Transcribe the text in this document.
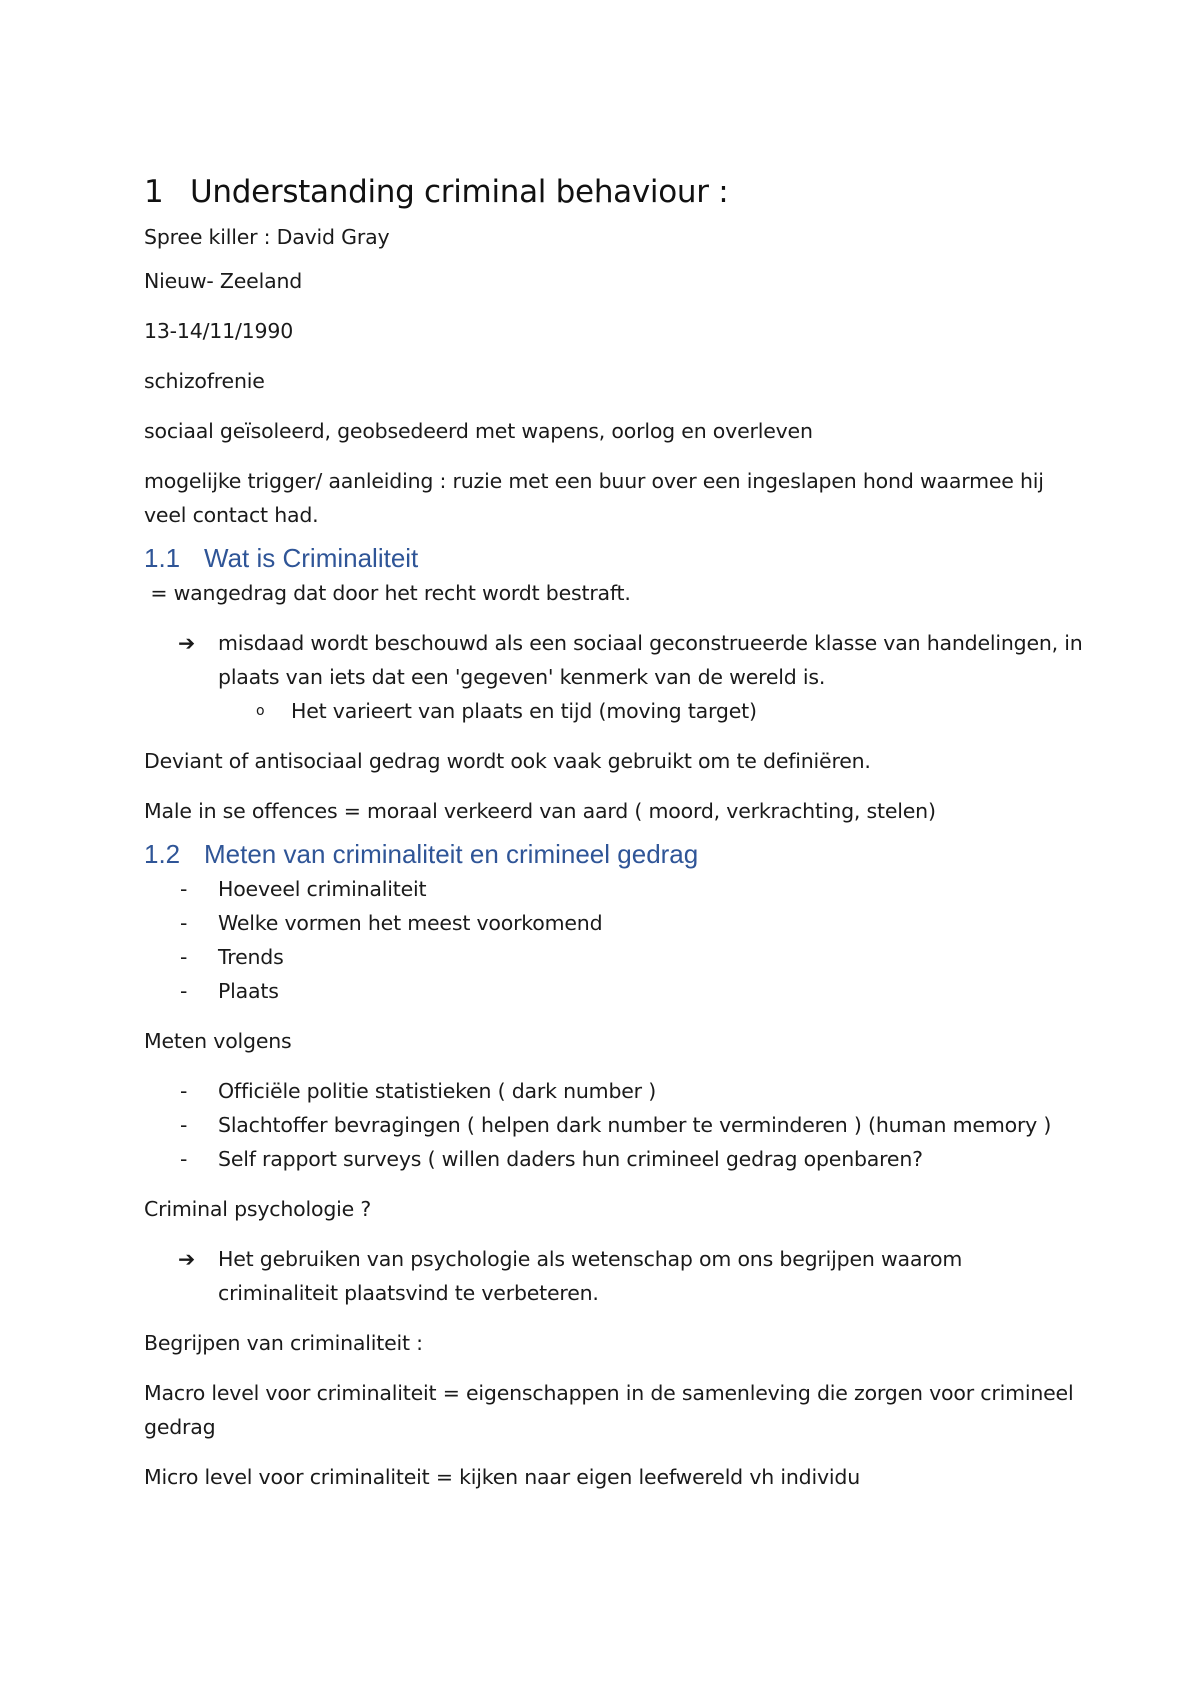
1 Understanding criminal behaviour :
Spree killer : David Gray
Nieuw- Zeeland
13-14/11/1990
schizofrenie
sociaal geïsoleerd, geobsedeerd met wapens, oorlog en overleven
mogelijke trigger/ aanleiding : ruzie met een buur over een ingeslapen hond waarmee hij veel contact had.
1.1 Wat is Criminaliteit
= wangedrag dat door het recht wordt bestraft.
➔	misdaad wordt beschouwd als een sociaal geconstrueerde klasse van handelingen, in plaats van iets dat een 'gegeven' kenmerk van de wereld is.
o	Het varieert van plaats en tijd (moving target)
Deviant of antisociaal gedrag wordt ook vaak gebruikt om te definiëren.
Male in se offences = moraal verkeerd van aard ( moord, verkrachting, stelen)
1.2 Meten van criminaliteit en crimineel gedrag
-	Hoeveel criminaliteit
-	Welke vormen het meest voorkomend
-	Trends
-	Plaats
Meten volgens
-	Officiële politie statistieken ( dark number )
-	Slachtoffer bevragingen ( helpen dark number te verminderen ) (human memory )
-	Self rapport surveys ( willen daders hun crimineel gedrag openbaren?
Criminal psychologie ?
➔	Het gebruiken van psychologie als wetenschap om ons begrijpen waarom criminaliteit plaatsvind te verbeteren.
Begrijpen van criminaliteit :
Macro level voor criminaliteit = eigenschappen in de samenleving die zorgen voor crimineel gedrag
Micro level voor criminaliteit = kijken naar eigen leefwereld vh individu
